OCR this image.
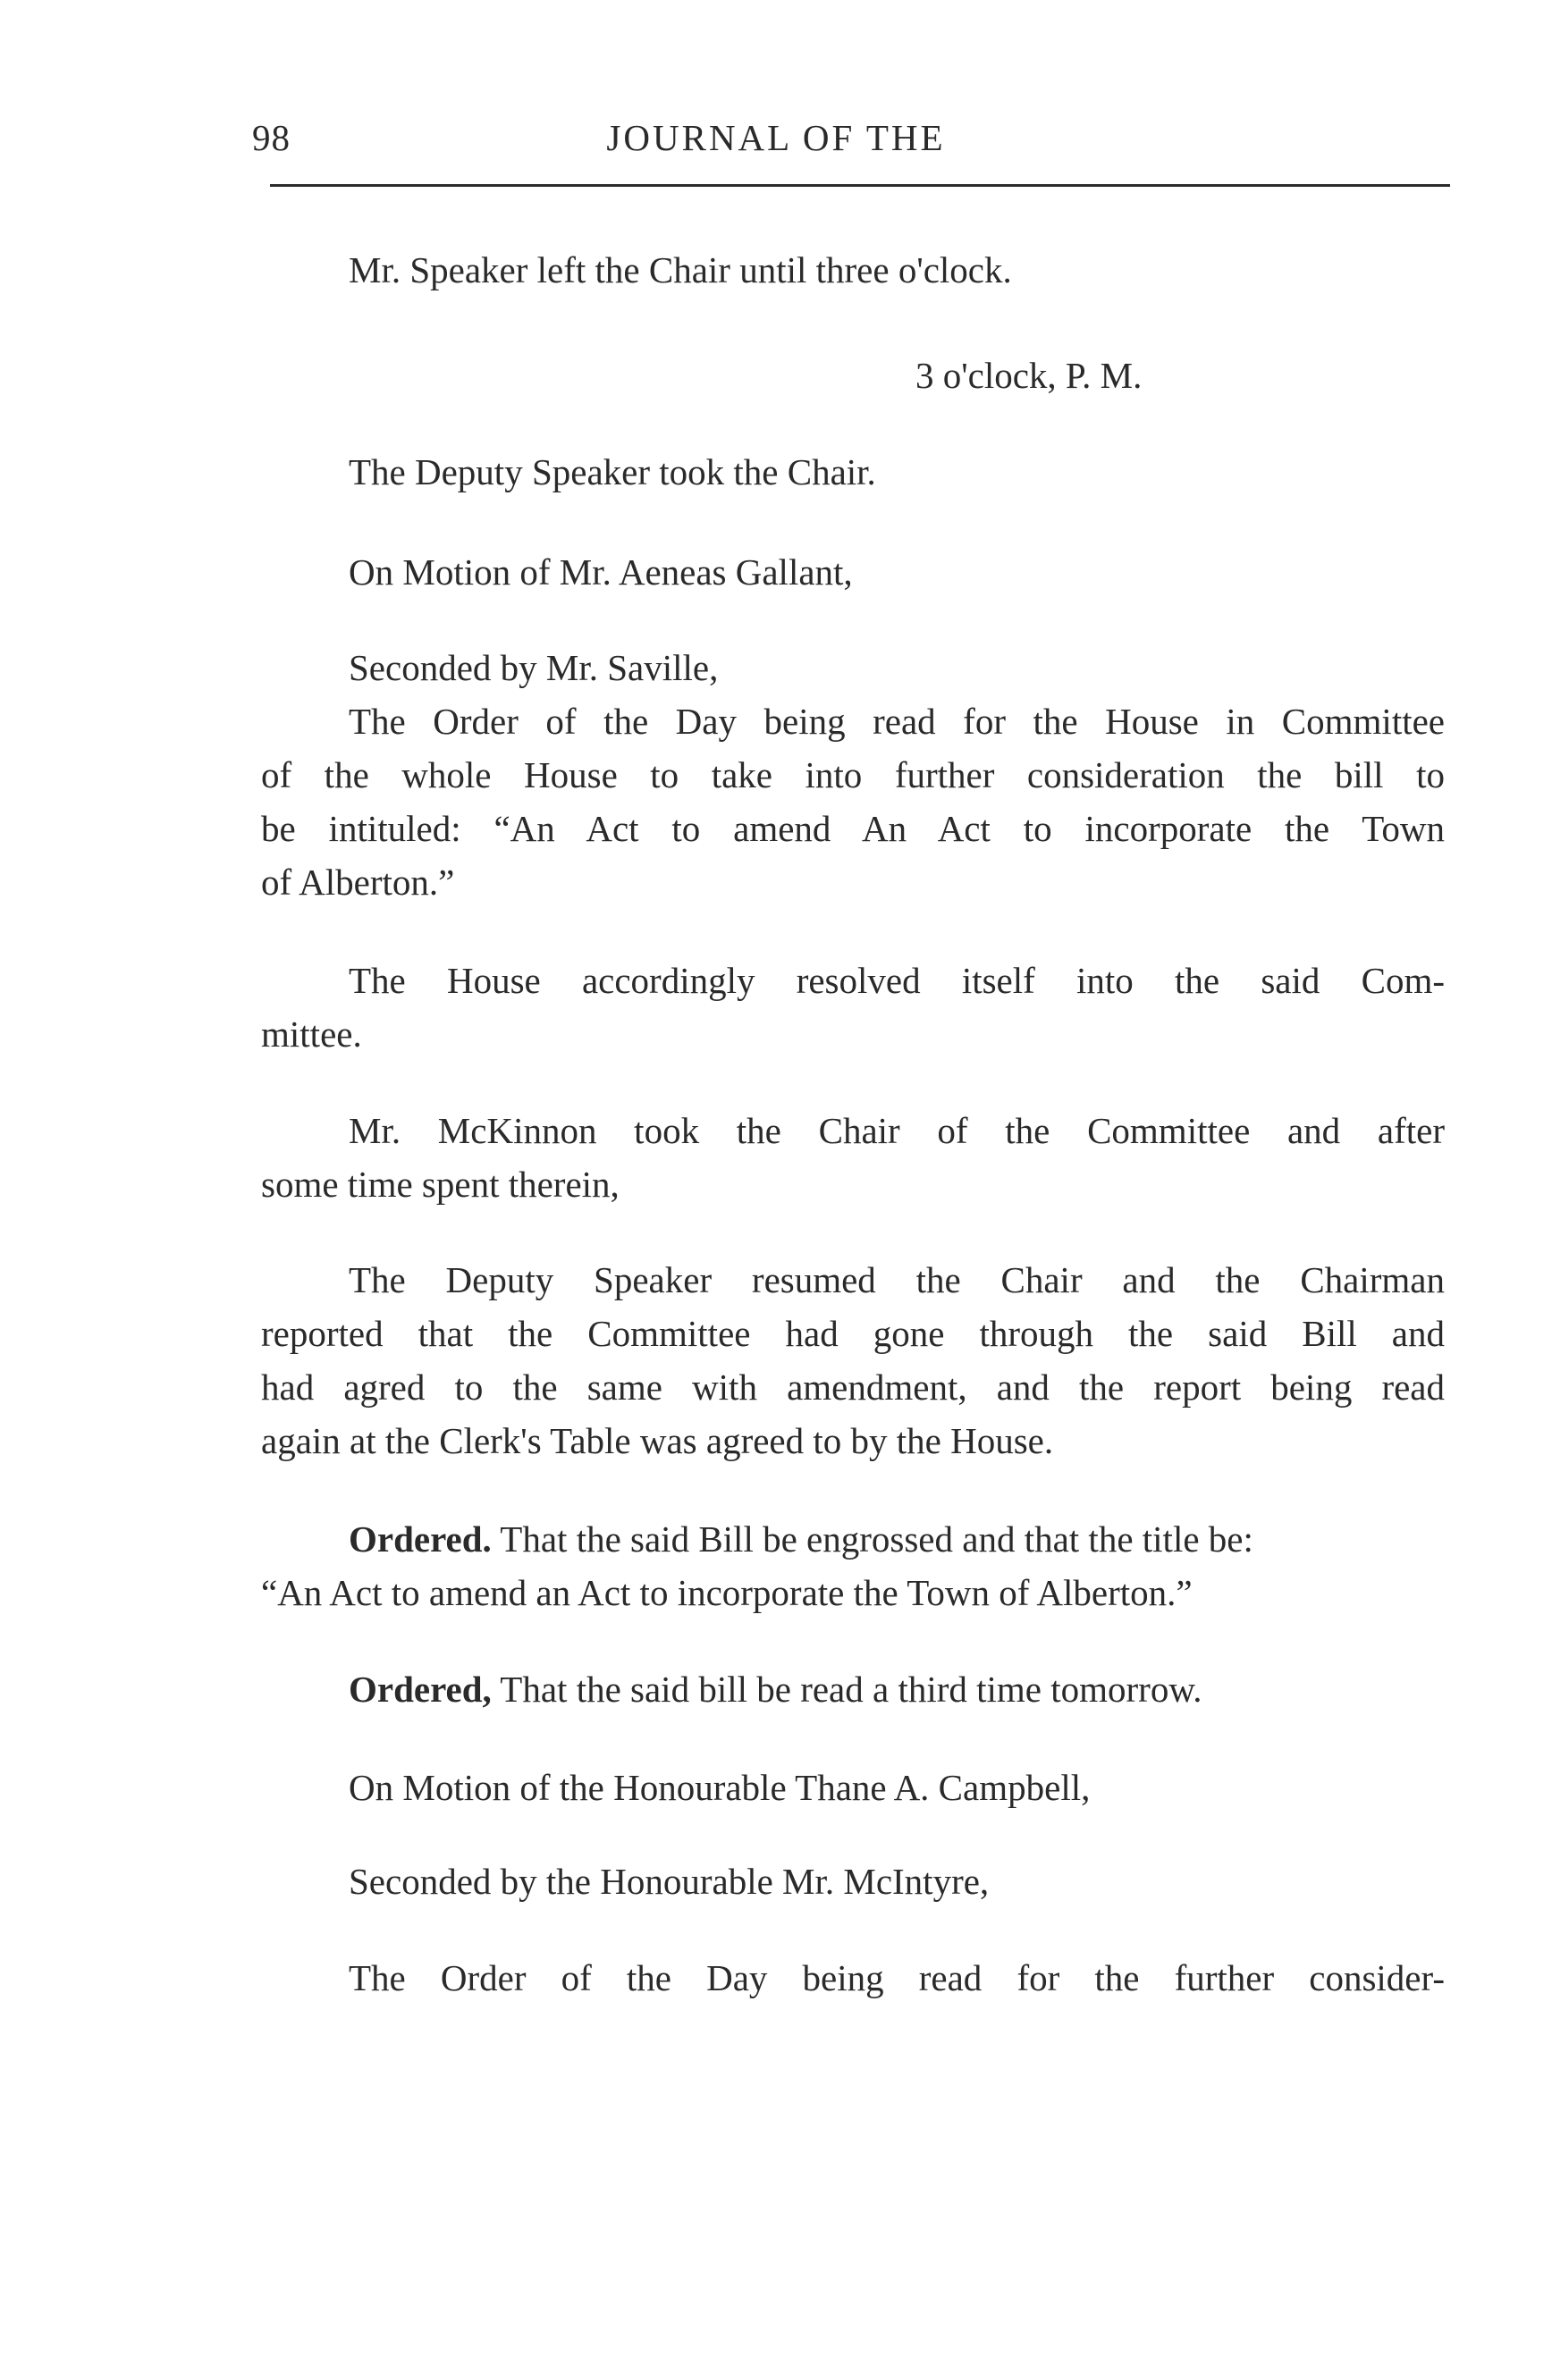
98	JOURNAL OF THE
Mr. Speaker left the Chair until three o'clock.
3 o'clock, P. M.
The Deputy Speaker took the Chair.
On Motion of Mr. Aeneas Gallant,
Seconded by Mr. Saville,
The Order of the Day being read for the House in Committee
of the whole House to take into further consideration the bill to
be intituled: “An Act to amend An Act to incorporate the Town
of Alberton.”
The House accordingly resolved itself into the said Com-
mittee.
Mr. McKinnon took the Chair of the Committee and after
some time spent therein,
The Deputy Speaker resumed the Chair and the Chairman
reported that the Committee had gone through the said Bill and
had agred to the same with amendment, and the report being read
again at the Clerk's Table was agreed to by the House.
Ordered. That the said Bill be engrossed and that the title be:
“An Act to amend an Act to incorporate the Town of Alberton.”
Ordered, That the said bill be read a third time tomorrow.
On Motion of the Honourable Thane A. Campbell,
Seconded by the Honourable Mr. McIntyre,
The Order of the Day being read for the further consider-
